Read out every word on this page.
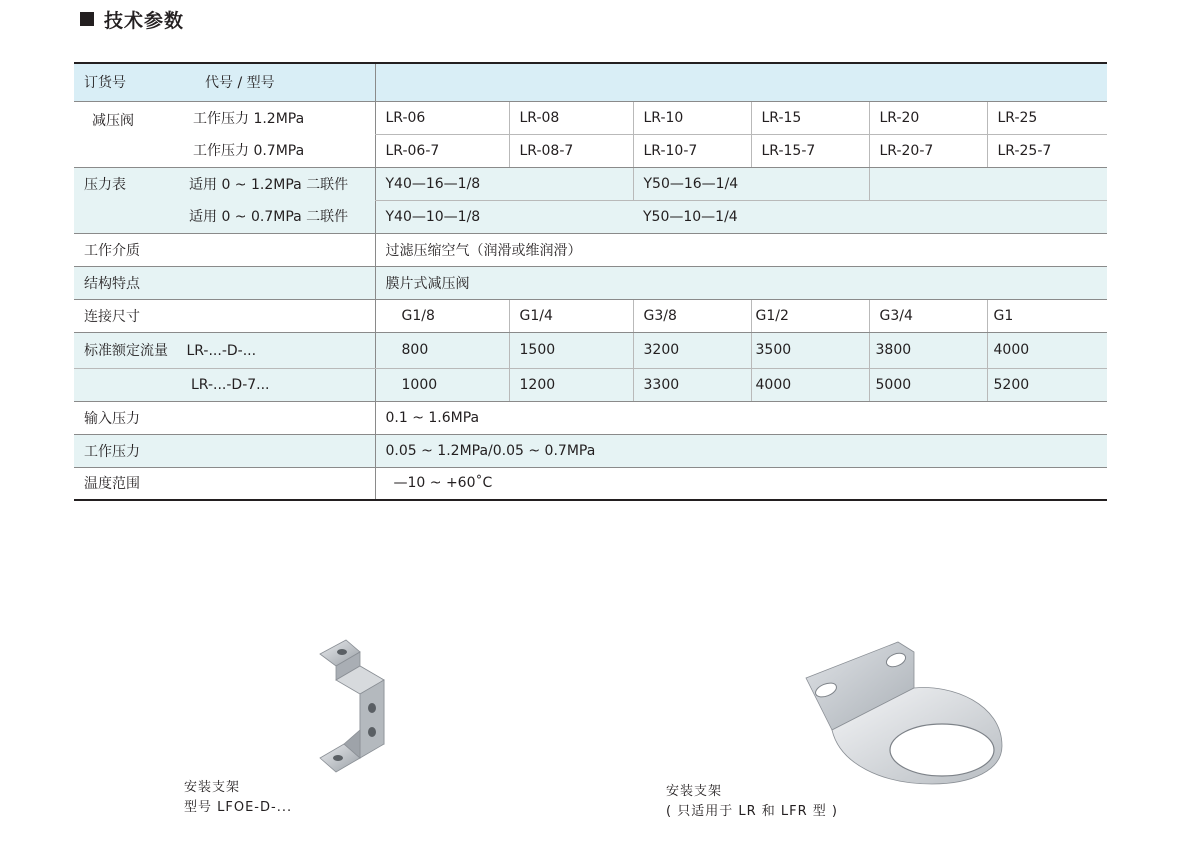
技术参数
订货号	代号 / 型号						
减压阀	工作压力 1.2MPa	LR-06	LR-08	LR-10	LR-15	LR-20	LR-25
	工作压力 0.7MPa	LR-06-7	LR-08-7	LR-10-7	LR-15-7	LR-20-7	LR-25-7
压力表	适用 0 ~ 1.2MPa 二联件	Y40—16—1/8		Y50—16—1/4			
	适用 0 ~ 0.7MPa 二联件	Y40—10—1/8		Y50—10—1/4			
工作介质		过滤压缩空气（润滑或维润滑）					
结构特点		膜片式减压阀					
连接尺寸		G1/8	G1/4	G3/8	G1/2	G3/4	G1
标准额定流量 LR-...-D-...		800	1500	3200	3500	3800	4000
	LR-...-D-7...	1000	1200	3300	4000	5000	5200
输入压力		0.1 ~ 1.6MPa					
工作压力		0.05 ~ 1.2MPa/0.05 ~ 0.7MPa					
温度范围		—10 ~ +60˚C					
安装支架
型号 LFOE-D-...
安装支架
( 只适用于 LR 和 LFR 型 )
